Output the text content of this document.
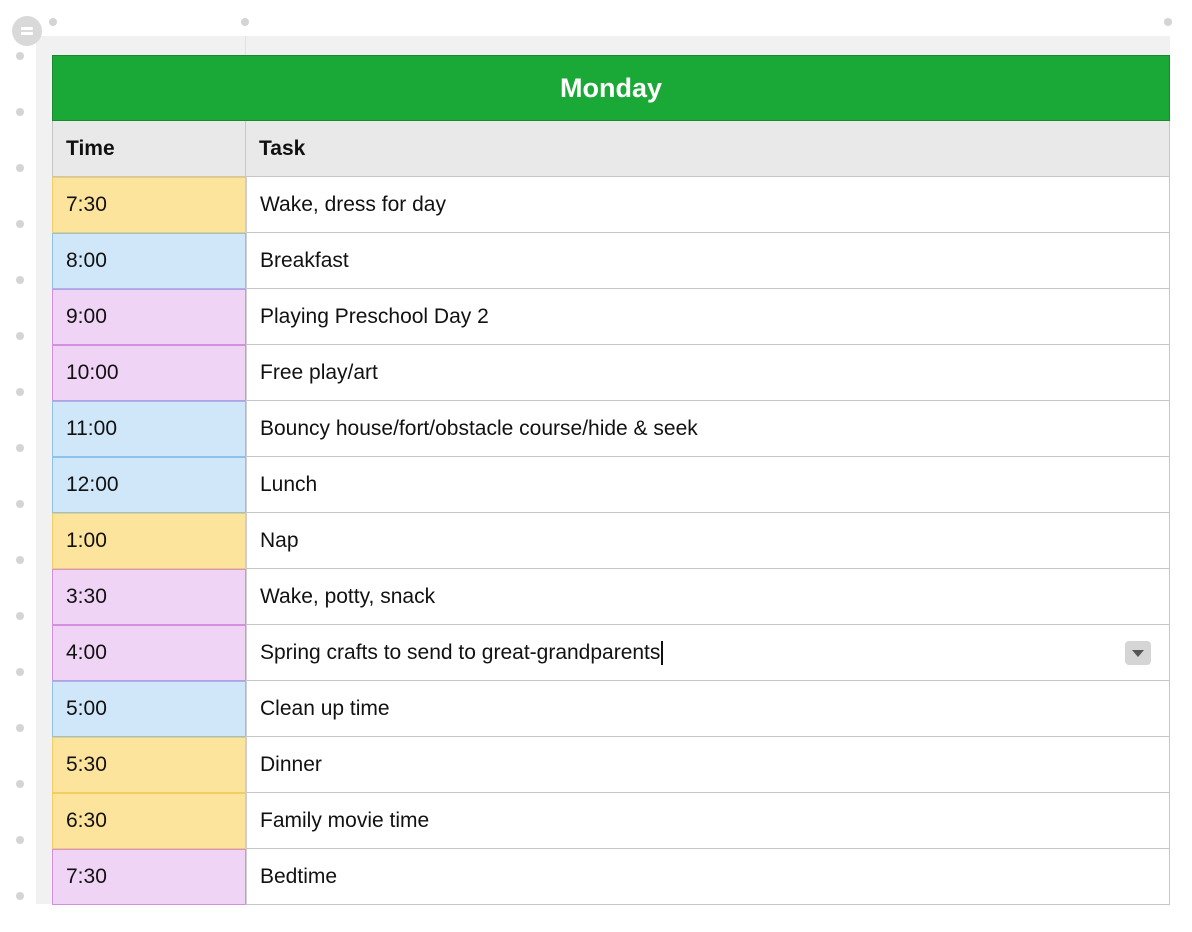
Monday
Time	Task
7:30	Wake, dress for day
8:00	Breakfast
9:00	Playing Preschool Day 2
10:00	Free play/art
11:00	Bouncy house/fort/obstacle course/hide & seek
12:00	Lunch
1:00	Nap
3:30	Wake, potty, snack
4:00	Spring crafts to send to great-grandparents
5:00	Clean up time
5:30	Dinner
6:30	Family movie time
7:30	Bedtime
